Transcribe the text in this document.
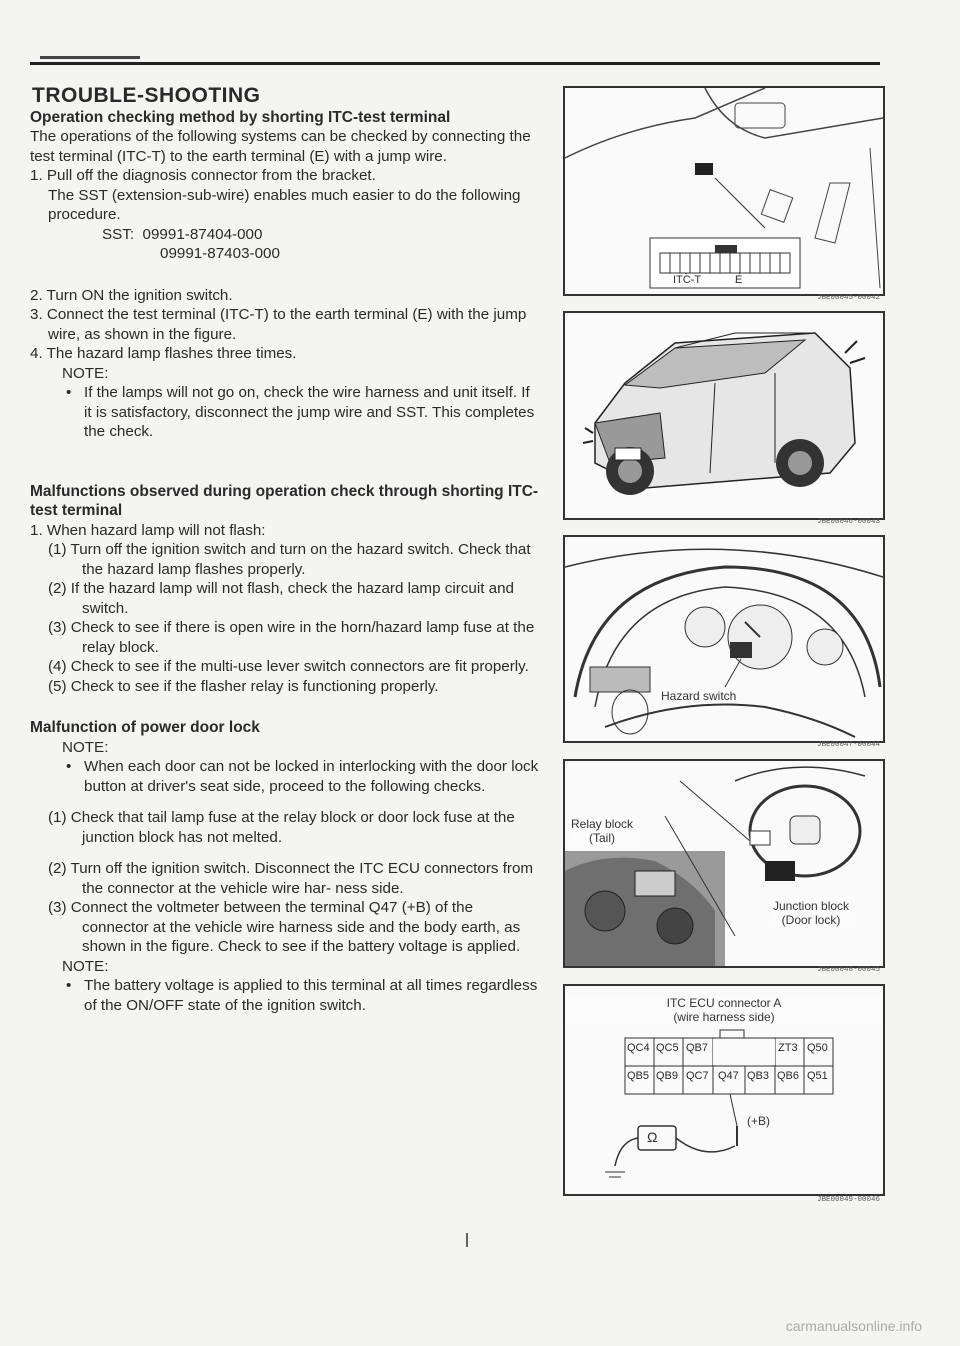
TROUBLE-SHOOTING

Operation checking method by shorting ITC-test terminal

The operations of the following systems can be checked by connecting the test terminal (ITC-T) to the earth terminal (E) with a jump wire.

1. Pull off the diagnosis connector from the bracket.

The SST (extension-sub-wire) enables much easier to do the following procedure.

SST: 09991-87404-000

09991-87403-000

2. Turn ON the ignition switch.

3. Connect the test terminal (ITC-T) to the earth terminal (E) with the jump wire, as shown in the figure.

4. The hazard lamp flashes three times.

NOTE:

• If the lamps will not go on, check the wire harness and unit itself. If it is satisfactory, disconnect the jump wire and SST. This completes the check.

Malfunctions observed during operation check through shorting ITC-test terminal

1. When hazard lamp will not flash:

(1) Turn off the ignition switch and turn on the hazard switch. Check that the hazard lamp flashes properly.

(2) If the hazard lamp will not flash, check the hazard lamp circuit and switch.

(3) Check to see if there is open wire in the horn/hazard lamp fuse at the relay block.

(4) Check to see if the multi-use lever switch connectors are fit properly.

(5) Check to see if the flasher relay is functioning properly.

Malfunction of power door lock

NOTE:

• When each door can not be locked in interlocking with the door lock button at driver's seat side, proceed to the following checks.

(1) Check that tail lamp fuse at the relay block or door lock fuse at the junction block has not melted.

(2) Turn off the ignition switch. Disconnect the ITC ECU connectors from the connector at the vehicle wire har- ness side.

(3) Connect the voltmeter between the terminal Q47 (+B) of the connector at the vehicle wire harness side and the body earth, as shown in the figure. Check to see if the battery voltage is applied.

NOTE:

• The battery voltage is applied to this terminal at all times regardless of the ON/OFF state of the ignition switch.

ITC-T	E
JBE00045-00042
JBE00046-00043
Hazard switch
JBE00047-00044
Relay block
(Tail)
Junction block
(Door lock)
JBE00048-00045
ITC ECU connector A
(wire harness side)
QC4 QC5 QB7	ZT3 Q50
QB5 QB9 QC7 Q47 QB3 QB6 Q51
(+B)
Ω
JBE00049-00046
carmanualsonline.info
